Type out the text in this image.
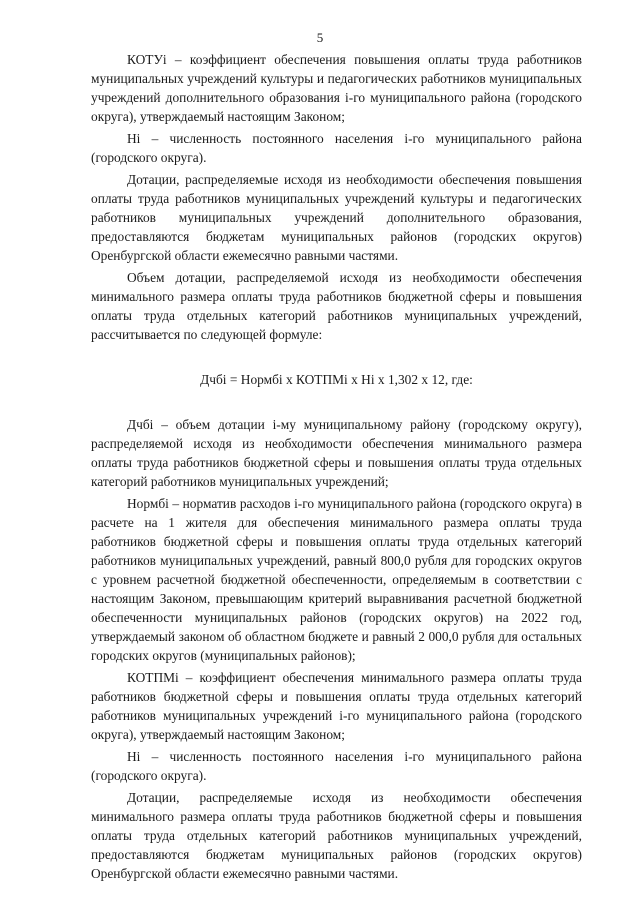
5

КОТУi – коэффициент обеспечения повышения оплаты труда работников муниципальных учреждений культуры и педагогических работников муниципальных учреждений дополнительного образования i-го муниципального района (городского округа), утверждаемый настоящим Законом;

Нi – численность постоянного населения i-го муниципального района (городского округа).

Дотации, распределяемые исходя из необходимости обеспечения повышения оплаты труда работников муниципальных учреждений культуры и педагогических работников муниципальных учреждений дополнительного образования, предоставляются бюджетам муниципальных районов (городских округов) Оренбургской области ежемесячно равными частями.

Объем дотации, распределяемой исходя из необходимости обеспечения минимального размера оплаты труда работников бюджетной сферы и повышения оплаты труда отдельных категорий работников муниципальных учреждений, рассчитывается по следующей формуле:

Дчбi = Нормбi x КОТПМi x Нi x 1,302 x 12, где:

Дчбi – объем дотации i-му муниципальному району (городскому округу), распределяемой исходя из необходимости обеспечения минимального размера оплаты труда работников бюджетной сферы и повышения оплаты труда отдельных категорий работников муниципальных учреждений;

Нормбi – норматив расходов i-го муниципального района (городского округа) в расчете на 1 жителя для обеспечения минимального размера оплаты труда работников бюджетной сферы и повышения оплаты труда отдельных категорий работников муниципальных учреждений, равный 800,0 рубля для городских округов с уровнем расчетной бюджетной обеспеченности, определяемым в соответствии с настоящим Законом, превышающим критерий выравнивания расчетной бюджетной обеспеченности муниципальных районов (городских округов) на 2022 год, утверждаемый законом об областном бюджете и равный 2 000,0 рубля для остальных городских округов (муниципальных районов);

КОТПМi – коэффициент обеспечения минимального размера оплаты труда работников бюджетной сферы и повышения оплаты труда отдельных категорий работников муниципальных учреждений i-го муниципального района (городского округа), утверждаемый настоящим Законом;

Нi – численность постоянного населения i-го муниципального района (городского округа).

Дотации, распределяемые исходя из необходимости обеспечения минимального размера оплаты труда работников бюджетной сферы и повышения оплаты труда отдельных категорий работников муниципальных учреждений, предоставляются бюджетам муниципальных районов (городских округов) Оренбургской области ежемесячно равными частями.
